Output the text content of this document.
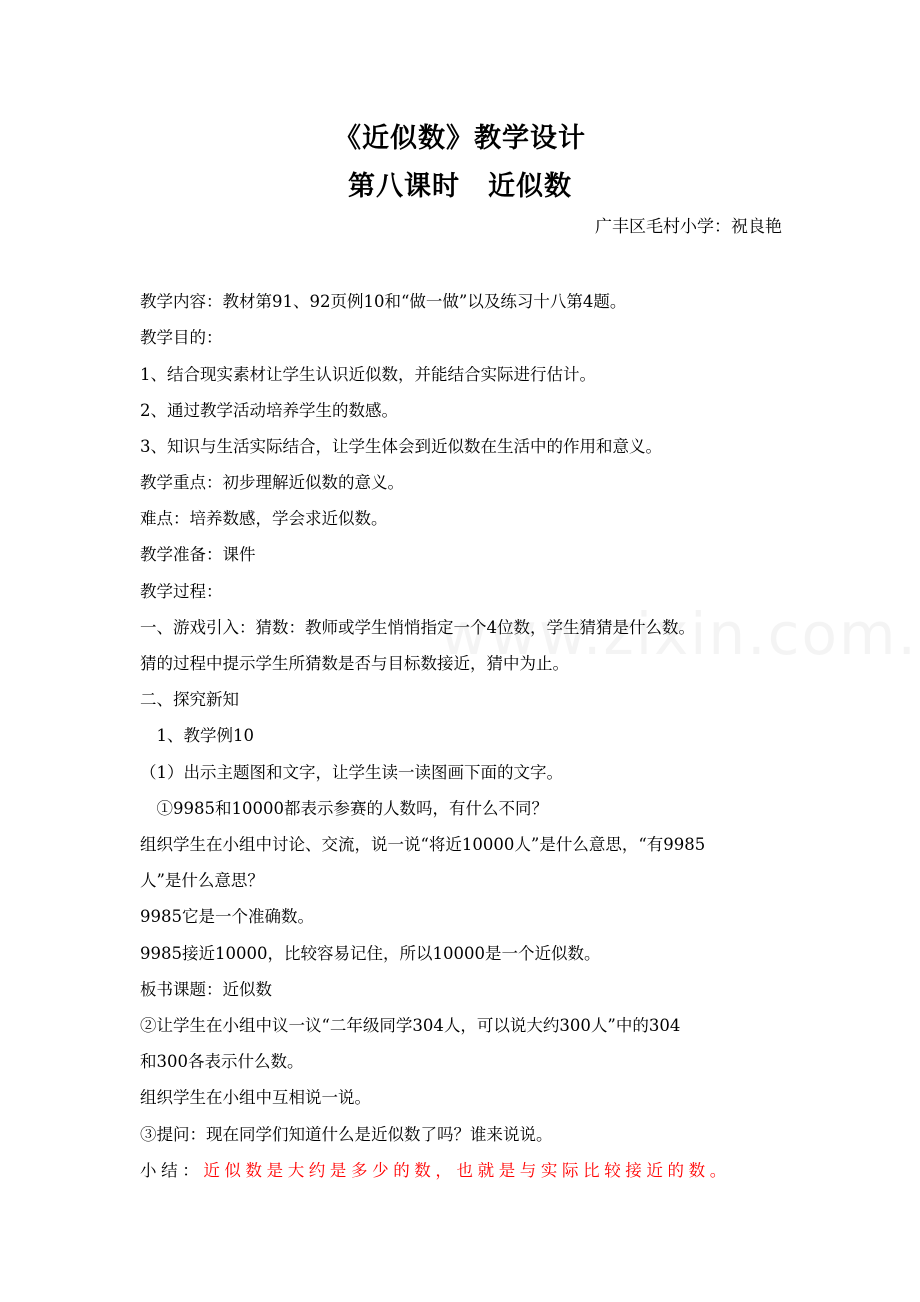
《近似数》教学设计
第八课时　近似数
广丰区毛村小学：祝良艳
教学内容：教材第91、92页例10和“做一做”以及练习十八第4题。
教学目的：
1、结合现实素材让学生认识近似数，并能结合实际进行估计。
2、通过教学活动培养学生的数感。
3、知识与生活实际结合，让学生体会到近似数在生活中的作用和意义。
教学重点：初步理解近似数的意义。
难点：培养数感，学会求近似数。
教学准备：课件
教学过程：
一、游戏引入：猜数：教师或学生悄悄指定一个4位数，学生猜猜是什么数。
猜的过程中提示学生所猜数是否与目标数接近，猜中为止。
二、探究新知
　1、教学例10
（1）出示主题图和文字，让学生读一读图画下面的文字。
　①9985和10000都表示参赛的人数吗，有什么不同？
组织学生在小组中讨论、交流，说一说“将近10000人”是什么意思，“有9985
人”是什么意思？
9985它是一个准确数。
9985接近10000，比较容易记住，所以10000是一个近似数。
板书课题：近似数
②让学生在小组中议一议“二年级同学304人，可以说大约300人”中的304
和300各表示什么数。
组织学生在小组中互相说一说。
③提问：现在同学们知道什么是近似数了吗？谁来说说。
小结：近似数是大约是多少的数，也就是与实际比较接近的数。
